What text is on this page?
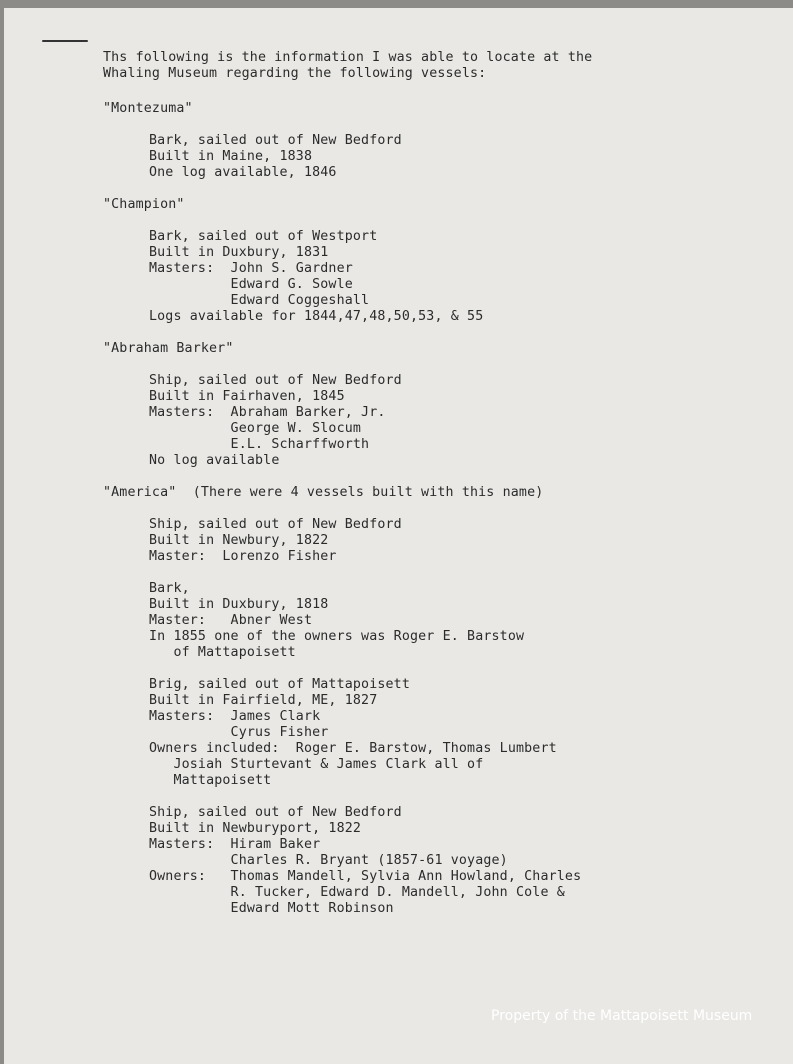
Ths following is the information I was able to locate at the

Whaling Museum regarding the following vessels:

"Montezuma"

Bark, sailed out of New Bedford

Built in Maine, 1838

One log available, 1846

"Champion"

Bark, sailed out of Westport

Built in Duxbury, 1831

Masters:  John S. Gardner

Edward G. Sowle

Edward Coggeshall

Logs available for 1844,47,48,50,53, & 55

"Abraham Barker"

Ship, sailed out of New Bedford

Built in Fairhaven, 1845

Masters:  Abraham Barker, Jr.

George W. Slocum

E.L. Scharffworth

No log available

"America"  (There were 4 vessels built with this name)

Ship, sailed out of New Bedford

Built in Newbury, 1822

Master:  Lorenzo Fisher

Bark,

Built in Duxbury, 1818

Master:   Abner West

In 1855 one of the owners was Roger E. Barstow

of Mattapoisett

Brig, sailed out of Mattapoisett

Built in Fairfield, ME, 1827

Masters:  James Clark

Cyrus Fisher

Owners included:  Roger E. Barstow, Thomas Lumbert

Josiah Sturtevant & James Clark all of

Mattapoisett

Ship, sailed out of New Bedford

Built in Newburyport, 1822

Masters:  Hiram Baker

Charles R. Bryant (1857-61 voyage)

Owners:   Thomas Mandell, Sylvia Ann Howland, Charles

R. Tucker, Edward D. Mandell, John Cole &

Edward Mott Robinson

Property of the Mattapoisett Museum
